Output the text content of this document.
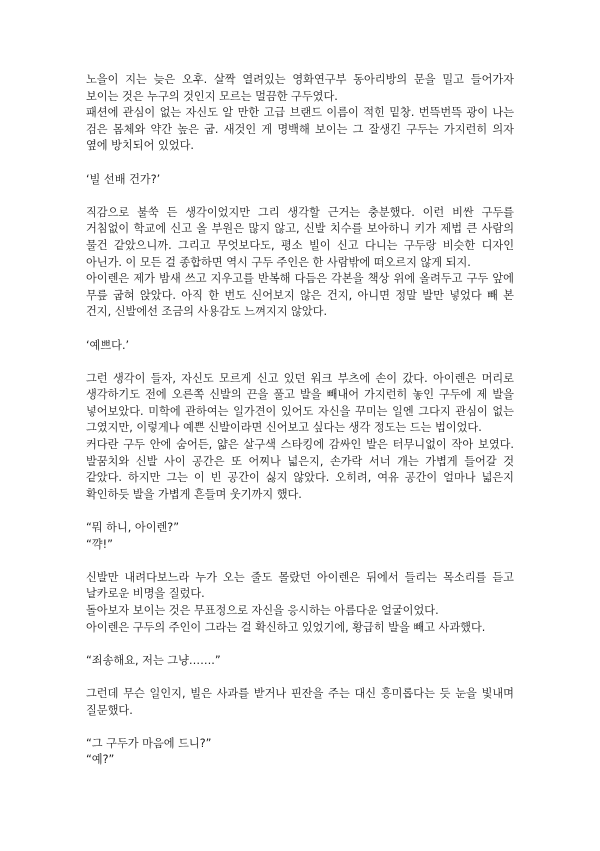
노을이 지는 늦은 오후. 살짝 열려있는 영화연구부 동아리방의 문을 밀고 들어가자 보이는 것은 누구의 것인지 모르는 멀끔한 구두였다.

패션에 관심이 없는 자신도 알 만한 고급 브랜드 이름이 적힌 밑창. 번뜩번뜩 광이 나는 검은 몸체와 약간 높은 굽. 새것인 게 명백해 보이는 그 잘생긴 구두는 가지런히 의자 옆에 방치되어 있었다.

‘빌 선배 건가?’

직감으로 불쑥 든 생각이었지만 그리 생각할 근거는 충분했다. 이런 비싼 구두를 거침없이 학교에 신고 올 부원은 많지 않고, 신발 치수를 보아하니 키가 제법 큰 사람의 물건 같았으니까. 그리고 무엇보다도, 평소 빌이 신고 다니는 구두랑 비슷한 디자인 아닌가. 이 모든 걸 종합하면 역시 구두 주인은 한 사람밖에 떠오르지 않게 되지.

아이렌은 제가 밤새 쓰고 지우고를 반복해 다듬은 각본을 책상 위에 올려두고 구두 앞에 무릎 굽혀 앉았다. 아직 한 번도 신어보지 않은 건지, 아니면 정말 발만 넣었다 빼 본 건지, 신발에선 조금의 사용감도 느껴지지 않았다.

‘예쁘다.’

그런 생각이 들자, 자신도 모르게 신고 있던 워크 부츠에 손이 갔다. 아이렌은 머리로 생각하기도 전에 오른쪽 신발의 끈을 풀고 발을 빼내어 가지런히 놓인 구두에 제 발을 넣어보았다. 미학에 관하여는 일가견이 있어도 자신을 꾸미는 일엔 그다지 관심이 없는 그였지만, 이렇게나 예쁜 신발이라면 신어보고 싶다는 생각 정도는 드는 법이었다.

커다란 구두 안에 숨어든, 얇은 살구색 스타킹에 감싸인 발은 터무니없이 작아 보였다. 발꿈치와 신발 사이 공간은 또 어찌나 넓은지, 손가락 서너 개는 가볍게 들어갈 것 같았다. 하지만 그는 이 빈 공간이 싫지 않았다. 오히려, 여유 공간이 얼마나 넓은지 확인하듯 발을 가볍게 흔들며 웃기까지 했다.

“뭐 하니, 아이렌?”

“꺅!”

신발만 내려다보느라 누가 오는 줄도 몰랐던 아이렌은 뒤에서 들리는 목소리를 듣고 날카로운 비명을 질렀다.

돌아보자 보이는 것은 무표정으로 자신을 응시하는 아름다운 얼굴이었다.

아이렌은 구두의 주인이 그라는 걸 확신하고 있었기에, 황급히 발을 빼고 사과했다.

“죄송해요, 저는 그냥…….”

그런데 무슨 일인지, 빌은 사과를 받거나 핀잔을 주는 대신 흥미롭다는 듯 눈을 빛내며 질문했다.

“그 구두가 마음에 드니?”

“예?”
